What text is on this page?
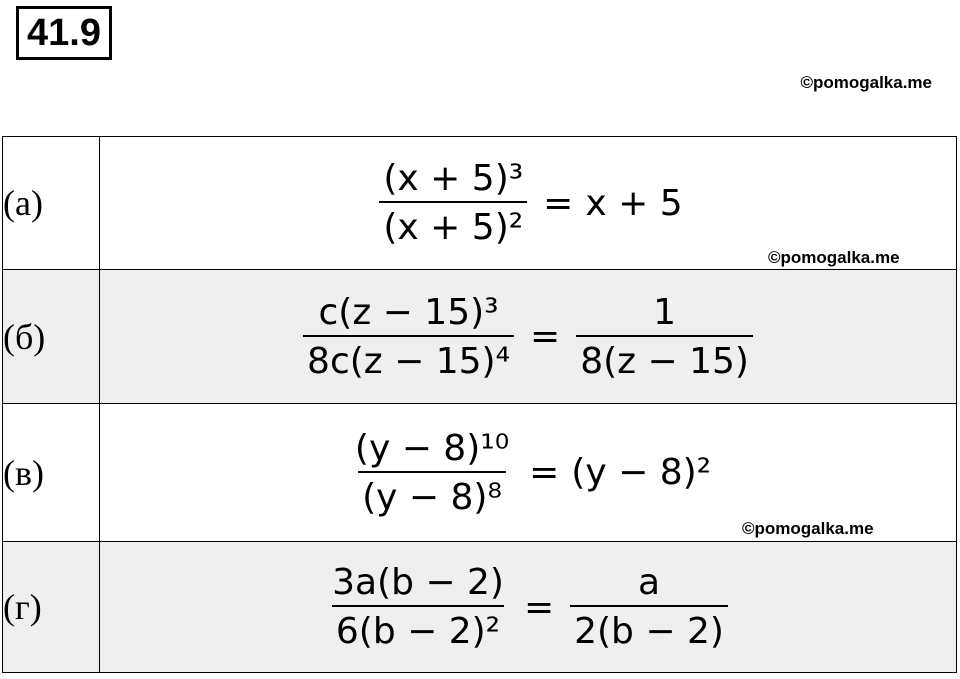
41.9
©pomogalka.me
(а)	$\frac{\text{(x + 5)³}}{\text{(x + 5)²}} = x + 5$

(б)	$\frac{\text{c(z − 15)³}}{\text{8c(z − 15)⁴}} = \frac{1}{8(z - 15)}$

(в)	$\frac{\text{(y − 8)¹⁰}}{\text{(y − 8)⁸}} = (y - 8)^2$

(г)	$\frac{3a(b - 2)}{\text{6(b − 2)²}} = \frac{a}{2(b - 2)}$
©pomogalka.me
©pomogalka.me
